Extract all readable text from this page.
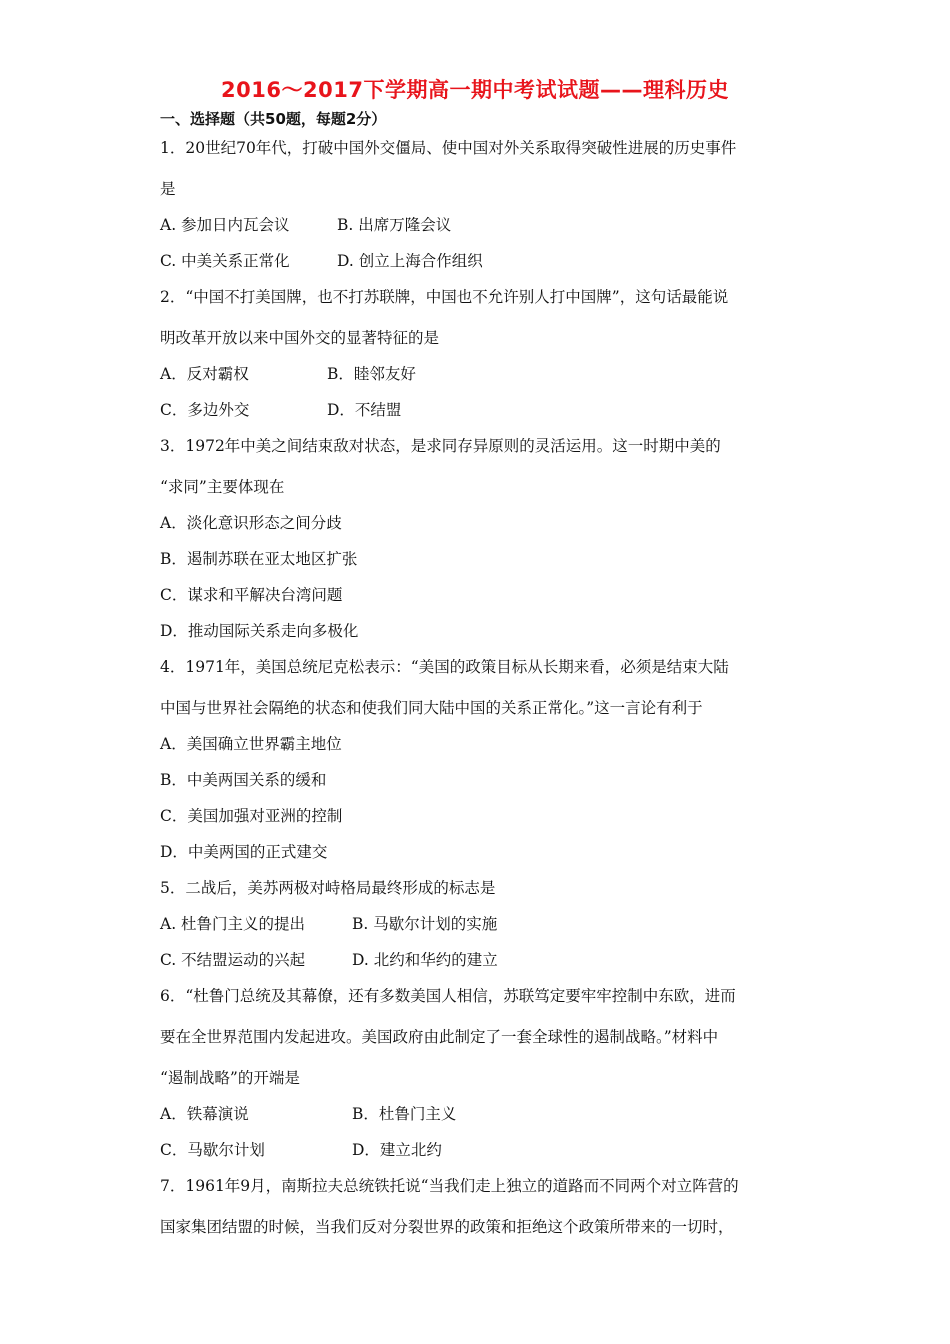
2016～2017下学期高一期中考试试题——理科历史
一、选择题（共50题，每题2分）
1．20世纪70年代，打破中国外交僵局、使中国对外关系取得突破性进展的历史事件
是
A. 参加日内瓦会议	B. 出席万隆会议
C. 中美关系正常化	D. 创立上海合作组织
2．“中国不打美国牌，也不打苏联牌，中国也不允许别人打中国牌”，这句话最能说
明改革开放以来中国外交的显著特征的是
A．反对霸权	B．睦邻友好
C．多边外交	D．不结盟
3．1972年中美之间结束敌对状态，是求同存异原则的灵活运用。这一时期中美的
“求同”主要体现在
A．淡化意识形态之间分歧
B．遏制苏联在亚太地区扩张
C．谋求和平解决台湾问题
D．推动国际关系走向多极化
4．1971年，美国总统尼克松表示：“美国的政策目标从长期来看，必须是结束大陆
中国与世界社会隔绝的状态和使我们同大陆中国的关系正常化。”这一言论有利于
A．美国确立世界霸主地位
B．中美两国关系的缓和
C．美国加强对亚洲的控制
D．中美两国的正式建交
5．二战后，美苏两极对峙格局最终形成的标志是
A. 杜鲁门主义的提出	B. 马歇尔计划的实施
C. 不结盟运动的兴起	D. 北约和华约的建立
6．“杜鲁门总统及其幕僚，还有多数美国人相信，苏联笃定要牢牢控制中东欧，进而
要在全世界范围内发起进攻。美国政府由此制定了一套全球性的遏制战略。”材料中
“遏制战略”的开端是
A．铁幕演说	B．杜鲁门主义
C．马歇尔计划	D．建立北约
7．1961年9月，南斯拉夫总统铁托说“当我们走上独立的道路而不同两个对立阵营的
国家集团结盟的时候，当我们反对分裂世界的政策和拒绝这个政策所带来的一切时，
